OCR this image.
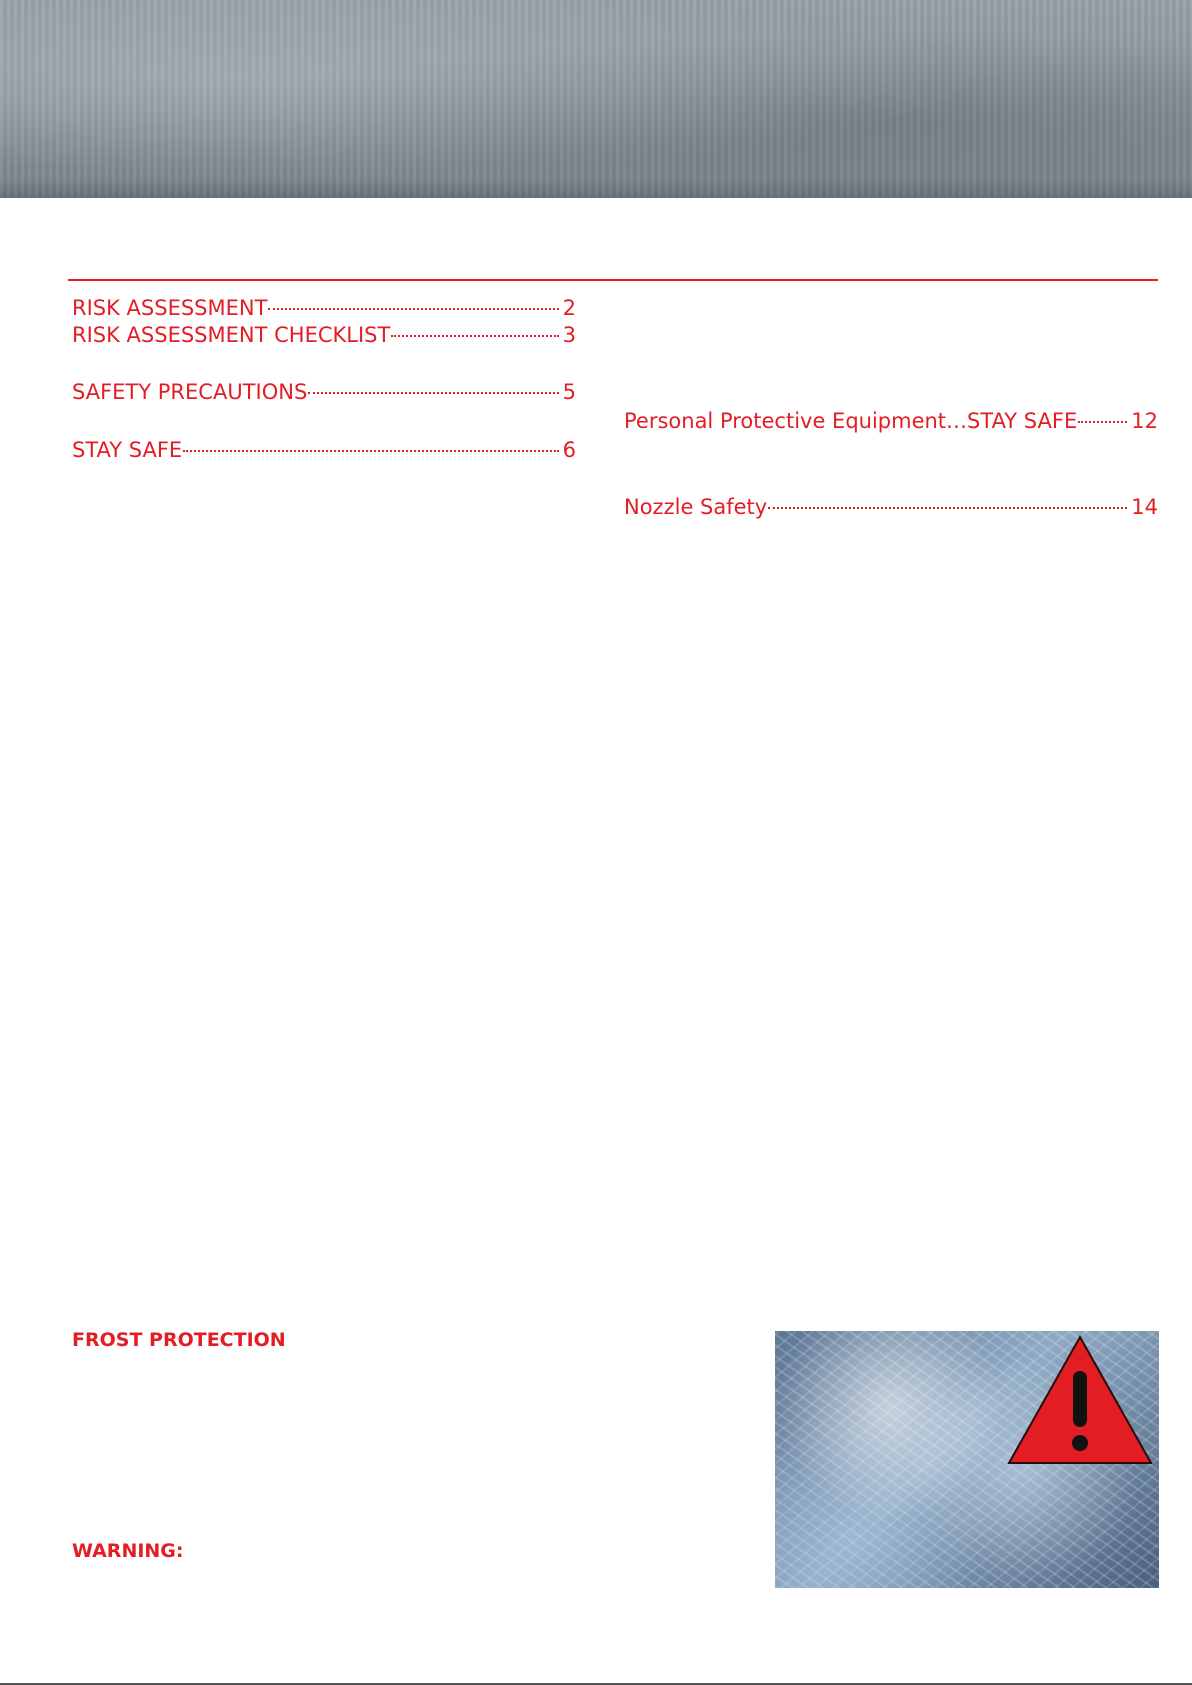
RISK ASSESSMENT	2
RISK ASSESSMENT CHECKLIST	3
SAFETY PRECAUTIONS	5
STAY SAFE	6
Personal Protective Equipment…STAY SAFE	12
Nozzle Safety	14
FROST PROTECTION
WARNING:
